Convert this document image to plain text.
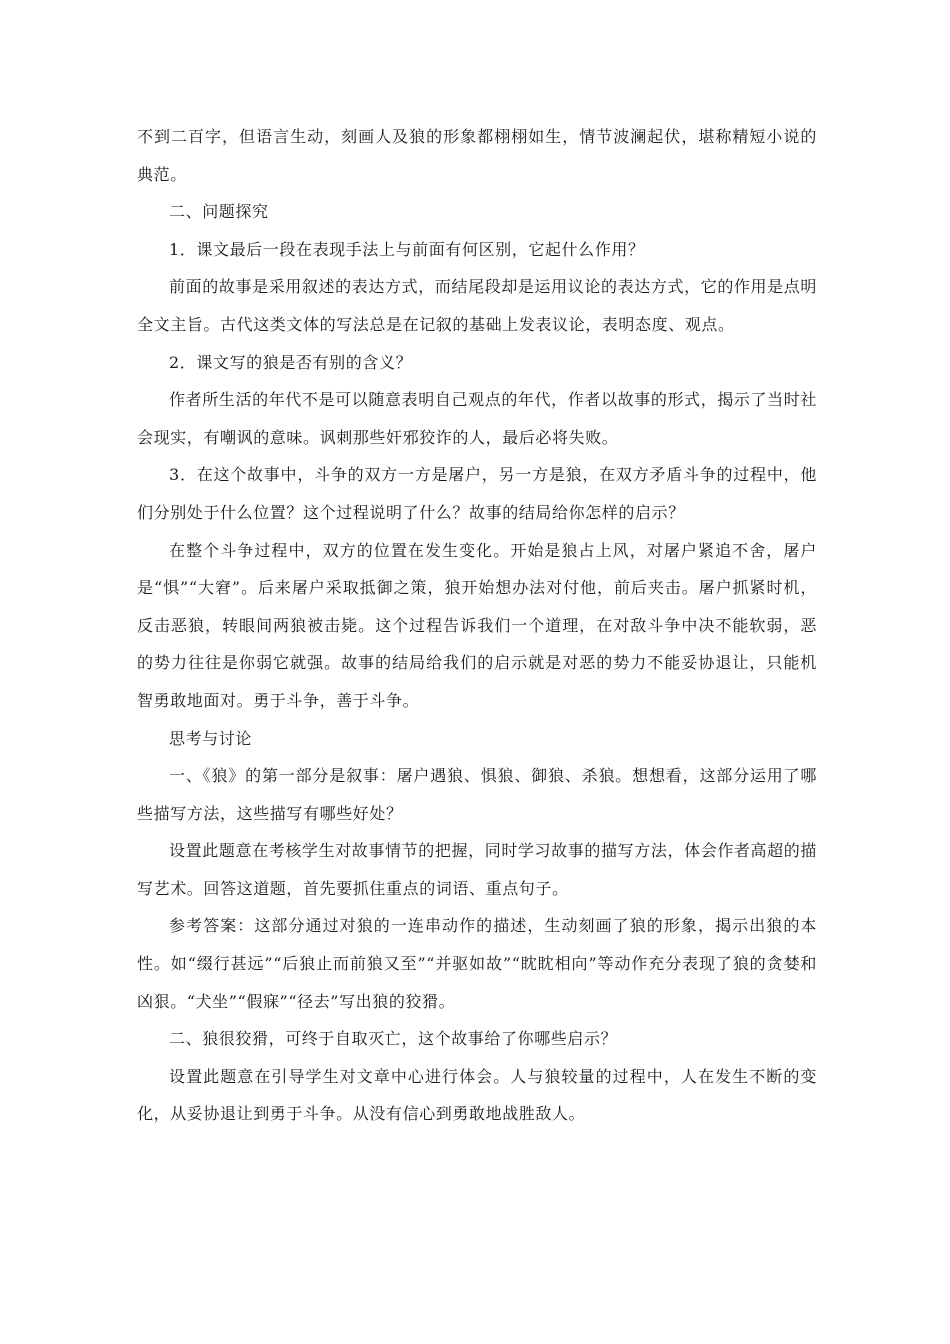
不到二百字，但语言生动，刻画人及狼的形象都栩栩如生，情节波澜起伏，堪称精短小说的典范。

二、问题探究

1．课文最后一段在表现手法上与前面有何区别，它起什么作用？

前面的故事是采用叙述的表达方式，而结尾段却是运用议论的表达方式，它的作用是点明全文主旨。古代这类文体的写法总是在记叙的基础上发表议论，表明态度、观点。

2．课文写的狼是否有别的含义？

作者所生活的年代不是可以随意表明自己观点的年代，作者以故事的形式，揭示了当时社会现实，有嘲讽的意味。讽刺那些奸邪狡诈的人，最后必将失败。

3．在这个故事中，斗争的双方一方是屠户，另一方是狼，在双方矛盾斗争的过程中，他们分别处于什么位置？这个过程说明了什么？故事的结局给你怎样的启示？

在整个斗争过程中，双方的位置在发生变化。开始是狼占上风，对屠户紧追不舍，屠户是“惧”“大窘”。后来屠户采取抵御之策，狼开始想办法对付他，前后夹击。屠户抓紧时机，反击恶狼，转眼间两狼被击毙。这个过程告诉我们一个道理，在对敌斗争中决不能软弱，恶的势力往往是你弱它就强。故事的结局给我们的启示就是对恶的势力不能妥协退让，只能机智勇敢地面对。勇于斗争，善于斗争。

思考与讨论

一、《狼》的第一部分是叙事：屠户遇狼、惧狼、御狼、杀狼。想想看，这部分运用了哪些描写方法，这些描写有哪些好处？

设置此题意在考核学生对故事情节的把握，同时学习故事的描写方法，体会作者高超的描写艺术。回答这道题，首先要抓住重点的词语、重点句子。

参考答案：这部分通过对狼的一连串动作的描述，生动刻画了狼的形象，揭示出狼的本性。如“缀行甚远”“后狼止而前狼又至”“并驱如故”“眈眈相向”等动作充分表现了狼的贪婪和凶狠。“犬坐”“假寐”“径去”写出狼的狡猾。

二、狼很狡猾，可终于自取灭亡，这个故事给了你哪些启示？

设置此题意在引导学生对文章中心进行体会。人与狼较量的过程中，人在发生不断的变化，从妥协退让到勇于斗争。从没有信心到勇敢地战胜敌人。
